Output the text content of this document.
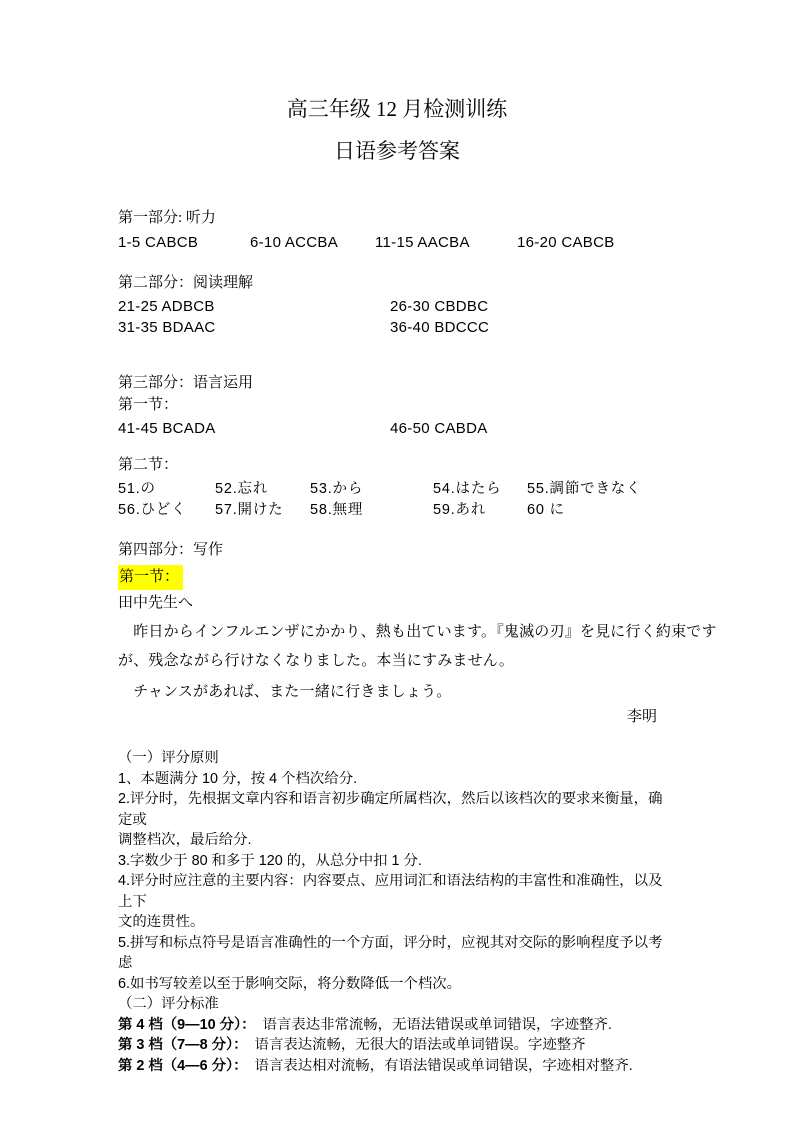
高三年级 12 月检测训练
日语参考答案
第一部分: 听力
1-5 CABCB	6-10 ACCBA	11-15 AACBA	16-20 CABCB
第二部分：阅读理解
21-25 ADBCB	26-30 CBDBC
31-35 BDAAC	36-40 BDCCC
第三部分：语言运用
第一节：
41-45 BCADA	46-50 CABDA
第二节：
51.の	52.忘れ	53.から	54.はたら	55.調節できなく
56.ひどく	57.開けた	58.無理	59.あれ	60 に
第四部分：写作
第一节：
田中先生へ
　昨日からインフルエンザにかかり、熱も出ています。『鬼滅の刃』を見に行く約束です
が、残念ながら行けなくなりました。本当にすみません。
　チャンスがあれば、また一緒に行きましょう。
李明
（一）评分原则
1、本题满分 10 分，按 4 个档次给分.
2.评分时，先根据文章内容和语言初步确定所属档次，然后以该档次的要求来衡量，确定或
调整档次，最后给分.
3.字数少于 80 和多于 120 的，从总分中扣 1 分.
4.评分时应注意的主要内容：内容要点、应用词汇和语法结构的丰富性和准确性，以及上下
文的连贯性。
5.拼写和标点符号是语言准确性的一个方面，评分时，应视其对交际的影响程度予以考虑
6.如书写较差以至于影响交际，将分数降低一个档次。
（二）评分标准
第 4 档（9—10 分）： 语言表达非常流畅，无语法错误或单词错误，字迹整齐.
第 3 档（7—8 分）： 语言表达流畅，无很大的语法或单词错误。字迹整齐
第 2 档（4—6 分）： 语言表达相对流畅，有语法错误或单词错误，字迹相对整齐.
